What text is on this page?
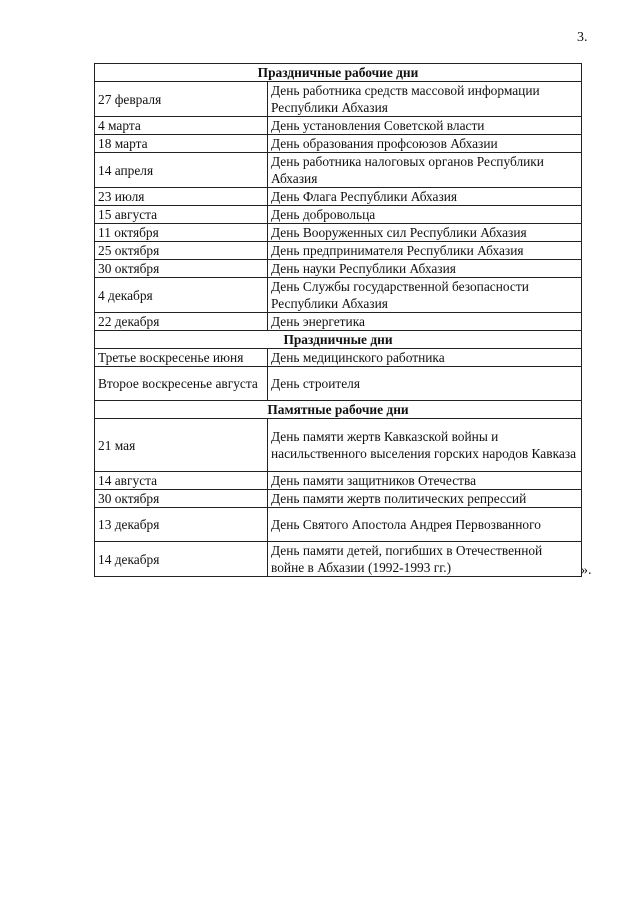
3.
Праздничные рабочие дни	
27 февраля	День работника средств массовой информации Республики Абхазия
4 марта	День установления Советской власти
18 марта	День образования профсоюзов Абхазии
14 апреля	День работника налоговых органов Республики Абхазия
23 июля	День Флага Республики Абхазия
15 августа	День добровольца
11 октября	День Вооруженных сил Республики Абхазия
25 октября	День предпринимателя Республики Абхазия
30 октября	День науки Республики Абхазия
4 декабря	День Службы государственной безопасности Республики Абхазия
22 декабря	День энергетика
Праздничные дни	
Третье воскресенье июня	День медицинского работника
Второе воскресенье августа	День строителя
Памятные рабочие дни	
21 мая	День памяти жертв Кавказской войны и насильственного выселения горских народов Кавказа
14 августа	День памяти защитников Отечества
30 октября	День памяти жертв политических репрессий
13 декабря	День Святого Апостола Андрея Первозванного
14 декабря	День памяти детей, погибших в Отечественной войне в Абхазии (1992-1993 гг.)	».
